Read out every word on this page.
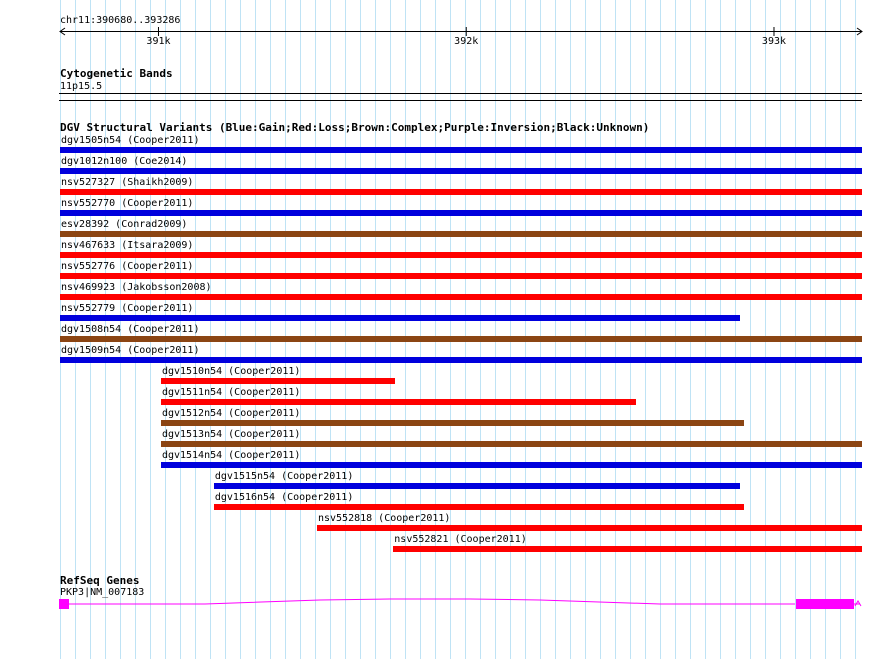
chr11:390680..393286
391k	392k	393k
Cytogenetic Bands
11p15.5
DGV Structural Variants (Blue:Gain;Red:Loss;Brown:Complex;Purple:Inversion;Black:Unknown)
dgv1505n54 (Cooper2011)
dgv1012n100 (Coe2014)
nsv527327 (Shaikh2009)
nsv552770 (Cooper2011)
esv28392 (Conrad2009)
nsv467633 (Itsara2009)
nsv552776 (Cooper2011)
nsv469923 (Jakobsson2008)
nsv552779 (Cooper2011)
dgv1508n54 (Cooper2011)
dgv1509n54 (Cooper2011)
dgv1510n54 (Cooper2011)
dgv1511n54 (Cooper2011)
dgv1512n54 (Cooper2011)
dgv1513n54 (Cooper2011)
dgv1514n54 (Cooper2011)
dgv1515n54 (Cooper2011)
dgv1516n54 (Cooper2011)
nsv552818 (Cooper2011)
nsv552821 (Cooper2011)
RefSeq Genes
PKP3|NM_007183
